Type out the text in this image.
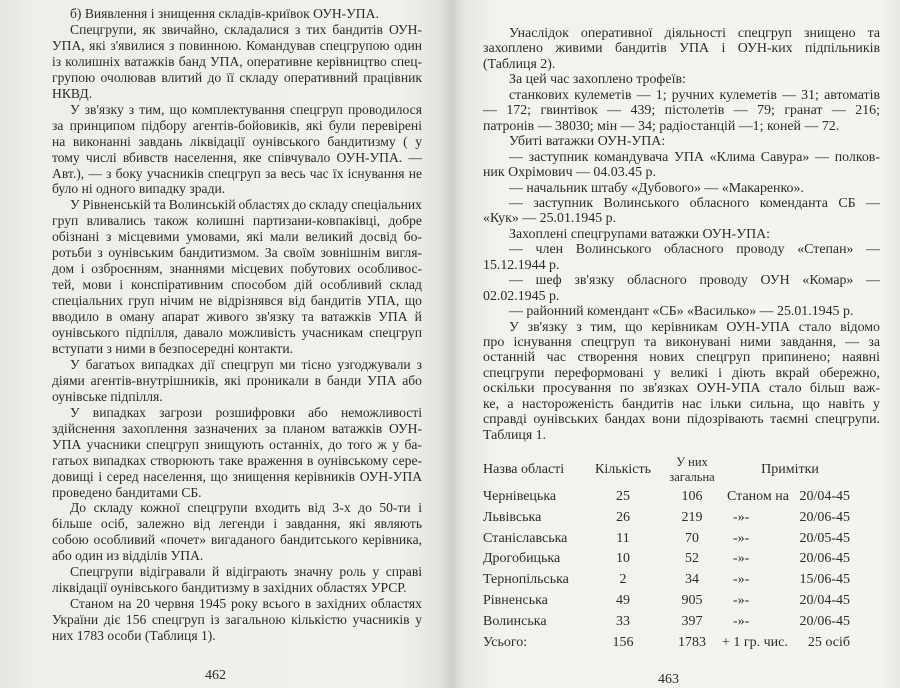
б) Виявлення і знищення складів-криївок ОУН-УПА.
Спецгрупи, як звичайно, складалися з тих бандитів ОУН-
УПА, які з'явилися з повинною. Командував спецгрупою один
із колишніх ватажків банд УПА, оперативне керівництво спец-
групою очолював влитий до її складу оперативний працівник
НКВД.
У зв'язку з тим, що комплектування спецгруп проводилося
за принципом підбору агентів-бойовиків, які були перевірені
на виконанні завдань ліквідації оунівського бандитизму ( у
тому числі вбивств населення, яке співчувало ОУН-УПА. —
Авт.), — з боку учасників спецгруп за весь час їх існування не
було ні одного випадку зради.
У Рівненській та Волинській областях до складу спеціальних
груп вливались також колишні партизани-ковпаківці, добре
обізнані з місцевими умовами, які мали великий досвід бо-
ротьби з оунівським бандитизмом. За своїм зовнішнім вигля-
дом і озброєнням, знаннями місцевих побутових особливос-
тей, мови і конспіративним способом дій особливий склад
спеціальних груп нічим не відрізнявся від бандитів УПА, що
вводило в оману апарат живого зв'язку та ватажків УПА й
оунівського підпілля, давало можливість учасникам спецгруп
вступати з ними в безпосередні контакти.
У багатьох випадках дії спецгруп ми тісно узгоджували з
діями агентів-внутрішників, які проникали в банди УПА або
оунівське підпілля.
У випадках загрози розшифровки або неможливості
здійснення захоплення зазначених за планом ватажків ОУН-
УПА учасники спецгруп знищують останніх, до того ж у ба-
гатьох випадках створюють таке враження в оунівському сере-
довищі і серед населення, що знищення керівників ОУН-УПА
проведено бандитами СБ.
До складу кожної спецгрупи входить від 3-х до 50-ти і
більше осіб, залежно від легенди і завдання, які являють
собою особливий «почет» вигаданого бандитського керівника,
або один из відділів УПА.
Спецгрупи відігравали й відіграють значну роль у справі
ліквідації оунівського бандитизму в західних областях УРСР.
Станом на 20 червня 1945 року всього в західних областях
України діє 156 спецгруп із загальною кількістю учасників у
них 1783 особи (Таблиця 1).
462
Унаслідок оперативної діяльності спецгруп знищено та
захоплено живими бандитів УПА і ОУН-ких підпільників
(Таблиця 2).
За цей час захоплено трофеїв:
станкових кулеметів — 1; ручних кулеметів — 31; автоматів
— 172; гвинтівок — 439; пістолетів — 79; гранат — 216;
патронів — 38030; мін — 34; радіостанцій —1; коней — 72.
Убиті ватажки ОУН-УПА:
— заступник командувача УПА «Клима Савура» — полков-
ник Охрімович — 04.03.45 р.
— начальник штабу «Дубового» — «Макаренко».
— заступник Волинського обласного коменданта СБ —
«Кук» — 25.01.1945 р.
Захоплені спецгрупами ватажки ОУН-УПА:
— член Волинського обласного проводу «Степан» —
15.12.1944 р.
— шеф зв'язку обласного проводу ОУН «Комар» —
02.02.1945 р.
— районний комендант «СБ» «Василько» — 25.01.1945 р.
У зв'язку з тим, що керівникам ОУН-УПА стало відомо
про існування спецгруп та виконувані ними завдання, — за
останній час створення нових спецгруп припинено; наявні
спецгрупи переформовані у великі і діють вкрай обережно,
оскільки просування по зв'язках ОУН-УПА стало більш важ-
ке, а настороженість бандитів нас ільки сильна, що навіть у
справді оунівських бандах вони підозрівають таємні спецгрупи.
Таблиця 1.
Назва області	Кількість	У них
загальна	Примітки
Чернівецька	25	106	Станом на 20/04-45
Львівська	26	219	-»-	20/06-45
Станіславська	11	70	-»-	20/05-45
Дрогобицька	10	52	-»-	20/06-45
Тернопільська	2	34	-»-	15/06-45
Рівненська	49	905	-»-	20/04-45
Волинська	33	397	-»-	20/06-45
Усього:	156	1783	+ 1 гр. чис.	25 осіб
463
